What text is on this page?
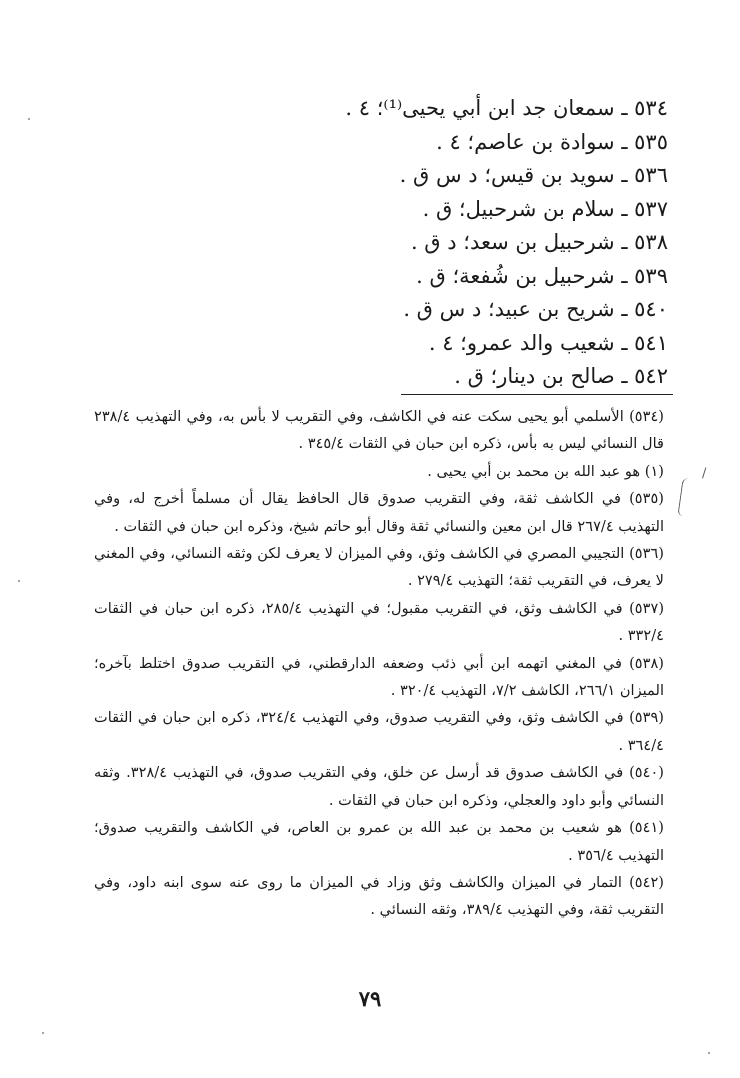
٥٣٤ ـ سمعان جد ابن أبي يحيى⁽¹⁾؛ ٤ .
٥٣٥ ـ سوادة بن عاصم؛ ٤ .
٥٣٦ ـ سويد بن قيس؛ د س ق .
٥٣٧ ـ سلام بن شرحبيل؛ ق .
٥٣٨ ـ شرحبيل بن سعد؛ د ق .
٥٣٩ ـ شرحبيل بن شُفعة؛ ق .
٥٤٠ ـ شريح بن عبيد؛ د س ق .
٥٤١ ـ شعيب والد عمرو؛ ٤ .
٥٤٢ ـ صالح بن دينار؛ ق .
(٥٣٤) الأسلمي أبو يحيى سكت عنه في الكاشف، وفي التقريب لا بأس به، وفي التهذيب ٢٣٨/٤ قال النسائي ليس به بأس، ذكره ابن حبان في الثقات ٣٤٥/٤ .
(١) هو عبد الله بن محمد بن أبي يحيى .
(٥٣٥) في الكاشف ثقة، وفي التقريب صدوق قال الحافظ يقال أن مسلماً أخرج له، وفي التهذيب ٢٦٧/٤ قال ابن معين والنسائي ثقة وقال أبو حاتم شيخ، وذكره ابن حبان في الثقات .
(٥٣٦) التجيبي المصري في الكاشف وثق، وفي الميزان لا يعرف لكن وثقه النسائي، وفي المغني لا يعرف، في التقريب ثقة؛ التهذيب ٢٧٩/٤ .
(٥٣٧) في الكاشف وثق، في التقريب مقبول؛ في التهذيب ٢٨٥/٤، ذكره ابن حبان في الثقات ٣٣٢/٤ .
(٥٣٨) في المغني اتهمه ابن أبي ذئب وضعفه الدارقطني، في التقريب صدوق اختلط بآخره؛ الميزان ٢٦٦/١، الكاشف ٧/٢، التهذيب ٣٢٠/٤ .
(٥٣٩) في الكاشف وثق، وفي التقريب صدوق، وفي التهذيب ٣٢٤/٤، ذكره ابن حبان في الثقات ٣٦٤/٤ .
(٥٤٠) في الكاشف صدوق قد أرسل عن خلق، وفي التقريب صدوق، في التهذيب ٣٢٨/٤. وثقه النسائي وأبو داود والعجلي، وذكره ابن حبان في الثقات .
(٥٤١) هو شعيب بن محمد بن عبد الله بن عمرو بن العاص، في الكاشف والتقريب صدوق؛ التهذيب ٣٥٦/٤ .
(٥٤٢) التمار في الميزان والكاشف وثق وزاد في الميزان ما روى عنه سوى ابنه داود، وفي التقريب ثقة، وفي التهذيب ٣٨٩/٤، وثقه النسائي .
٧٩
/
